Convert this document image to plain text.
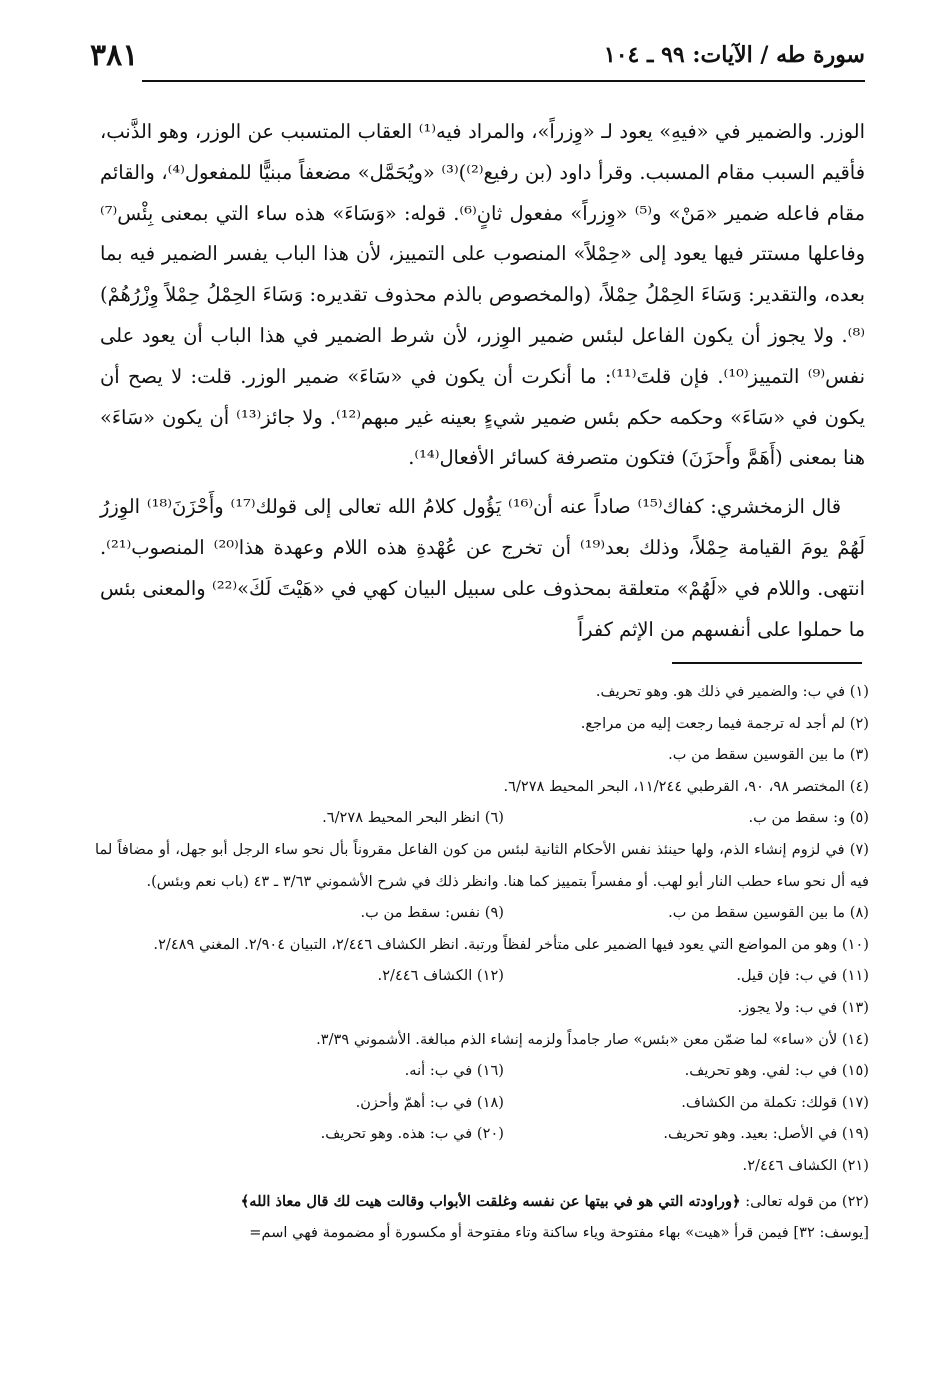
سورة طه / الآيات: ٩٩ ـ ١٠٤
٣٨١

الوزر. والضمير في «فيهِ» يعود لـ «وِزراً»، والمراد فيه⁽¹⁾ العقاب المتسبب عن الوزر، وهو الذَّنب، فأقيم السبب مقام المسبب. وقرأ داود (بن رفيع⁽²⁾)⁽³⁾ «ويُحَمَّل» مضعفاً مبنيًّا للمفعول⁽⁴⁾، والقائم مقام فاعله ضمير «مَنْ» و⁽⁵⁾ «وِزراً» مفعول ثانٍ⁽⁶⁾. قوله: «وَسَاءَ» هذه ساء التي بمعنى بِئْس⁽⁷⁾ وفاعلها مستتر فيها يعود إلى «حِمْلاً» المنصوب على التمييز، لأن هذا الباب يفسر الضمير فيه بما بعده، والتقدير: وَسَاءَ الحِمْلُ حِمْلاً، (والمخصوص بالذم محذوف تقديره: وَسَاءَ الحِمْلُ حِمْلاً وِزْرُهُمْ)⁽⁸⁾. ولا يجوز أن يكون الفاعل لبئس ضمير الوِزر، لأن شرط الضمير في هذا الباب أن يعود على نفس⁽⁹⁾ التمييز⁽¹⁰⁾. فإن قلتَ⁽¹¹⁾: ما أنكرت أن يكون في «سَاءَ» ضمير الوزر. قلت: لا يصح أن يكون في «سَاءَ» وحكمه حكم بئس ضمير شيءٍ بعينه غير مبهم⁽¹²⁾. ولا جائز⁽¹³⁾ أن يكون «سَاءَ» هنا بمعنى (أَهَمَّ وأَحزَنَ) فتكون متصرفة كسائر الأفعال⁽¹⁴⁾.

قال الزمخشري: كفاك⁽¹⁵⁾ صاداً عنه أن⁽¹⁶⁾ يَؤُول كلامُ الله تعالى إلى قولك⁽¹⁷⁾ وأَحْزَنَ⁽¹⁸⁾ الوِزرُ لَهُمْ يومَ القيامة حِمْلاً، وذلك بعد⁽¹⁹⁾ أن تخرج عن عُهْدةِ هذه اللام وعهدة هذا⁽²⁰⁾ المنصوب⁽²¹⁾. انتهى. واللام في «لَهُمْ» متعلقة بمحذوف على سبيل البيان كهي في «هَيْتَ لَكَ»⁽²²⁾ والمعنى بئس ما حملوا على أنفسهم من الإثم كفراً

(١) في ب: والضمير في ذلك هو. وهو تحريف.
(٢) لم أجد له ترجمة فيما رجعت إليه من مراجع.
(٣) ما بين القوسين سقط من ب.
(٤) المختصر ٩٨، ٩٠، القرطبي ١١/٢٤٤، البحر المحيط ٦/٢٧٨.
(٥) و: سقط من ب.
(٦) انظر البحر المحيط ٦/٢٧٨.
(٧) في لزوم إنشاء الذم، ولها حينئذ نفس الأحكام الثانية لبئس من كون الفاعل مقروناً بأل نحو ساء الرجل أبو جهل، أو مضافاً لما فيه أل نحو ساء حطب النار أبو لهب. أو مفسراً بتمييز كما هنا. وانظر ذلك في شرح الأشموني ٣/٦٣ ـ ٤٣ (باب نعم وبئس).
(٨) ما بين القوسين سقط من ب.
(٩) نفس: سقط من ب.
(١٠) وهو من المواضع التي يعود فيها الضمير على متأخر لفظاً ورتبة. انظر الكشاف ٢/٤٤٦، التبيان ٢/٩٠٤. المغني ٢/٤٨٩.
(١١) في ب: فإن قيل.
(١٢) الكشاف ٢/٤٤٦.
(١٣) في ب: ولا يجوز.
(١٤) لأن «ساء» لما ضمّن معن «بئس» صار جامداً ولزمه إنشاء الذم مبالغة. الأشموني ٣/٣٩.
(١٥) في ب: لفي. وهو تحريف.
(١٦) في ب: أنه.
(١٧) قولك: تكملة من الكشاف.
(١٨) في ب: أهمّ وأحزن.
(١٩) في الأصل: بعيد. وهو تحريف.
(٢٠) في ب: هذه. وهو تحريف.
(٢١) الكشاف ٢/٤٤٦.
(٢٢) من قوله تعالى: ﴿وراودته التي هو في بيتها عن نفسه وغلقت الأبواب وقالت هيت لك قال معاذ الله﴾
[يوسف: ٣٢] فيمن قرأ «هيت» بهاء مفتوحة وياء ساكنة وتاء مفتوحة أو مكسورة أو مضمومة فهي اسم=
